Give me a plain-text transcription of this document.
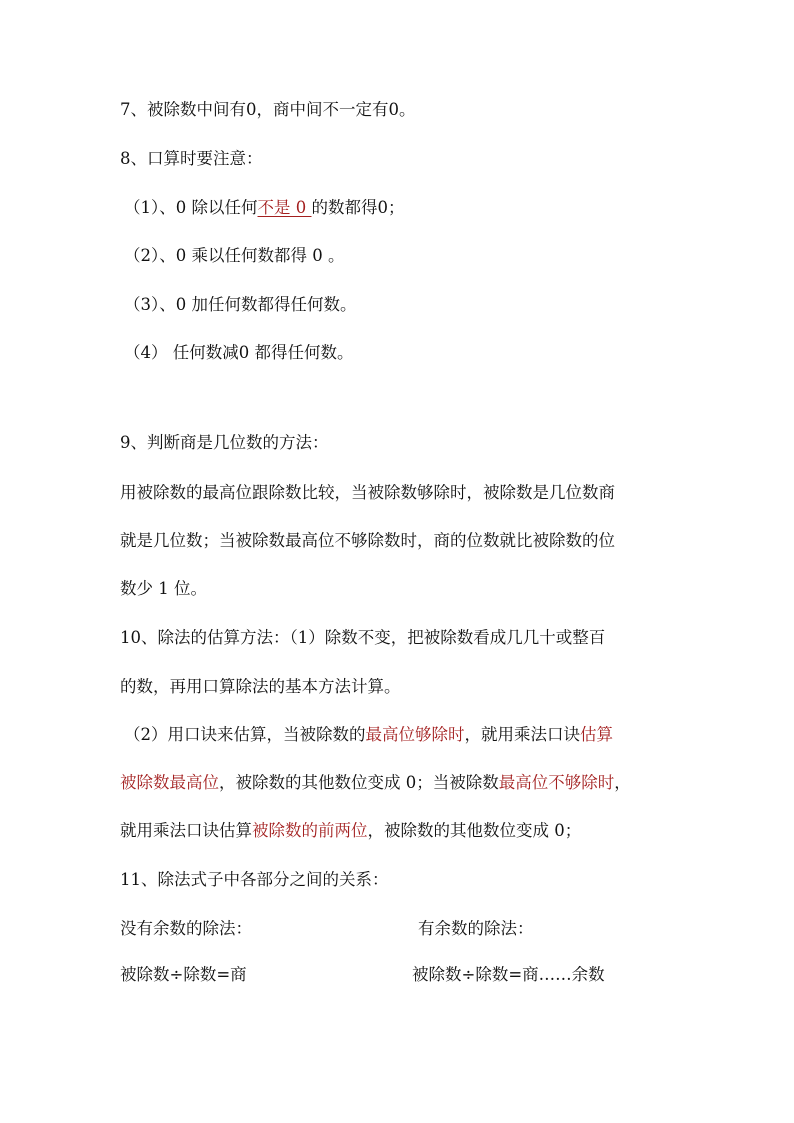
7、被除数中间有0，商中间不一定有0。
8、口算时要注意：
（1）、0 除以任何不是 0 的数都得0；
（2）、0 乘以任何数都得 0 。
（3）、0 加任何数都得任何数。
（4） 任何数减0 都得任何数。
9、判断商是几位数的方法：
用被除数的最高位跟除数比较，当被除数够除时，被除数是几位数商
就是几位数；当被除数最高位不够除数时，商的位数就比被除数的位
数少 1 位。
10、除法的估算方法：（1）除数不变，把被除数看成几几十或整百
的数，再用口算除法的基本方法计算。
（2）用口诀来估算，当被除数的最高位够除时，就用乘法口诀估算
被除数最高位，被除数的其他数位变成 0；当被除数最高位不够除时，
就用乘法口诀估算被除数的前两位，被除数的其他数位变成 0；
11、除法式子中各部分之间的关系：
没有余数的除法：	有余数的除法：
被除数÷除数=商	被除数÷除数=商……余数
